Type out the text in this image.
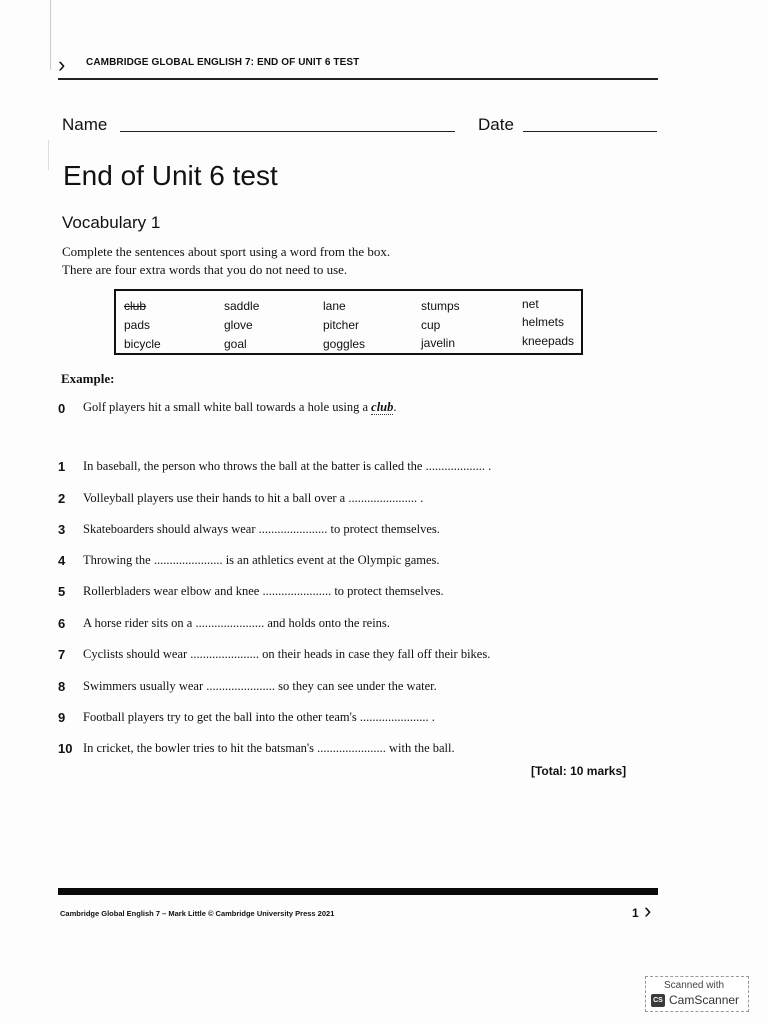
› CAMBRIDGE GLOBAL ENGLISH 7: END OF UNIT 6 TEST
Name	Date
End of Unit 6 test
Vocabulary 1
Complete the sentences about sport using a word from the box.
There are four extra words that you do not need to use.
club	saddle	lane	stumps	net
pads	glove	pitcher	cup	helmets
bicycle	goal	goggles	javelin	kneepads
Example:
0 Golf players hit a small white ball towards a hole using a club.
1 In baseball, the person who throws the ball at the batter is called the ................... .
2 Volleyball players use their hands to hit a ball over a ...................... .
3 Skateboarders should always wear ...................... to protect themselves.
4 Throwing the ...................... is an athletics event at the Olympic games.
5 Rollerbladers wear elbow and knee ...................... to protect themselves.
6 A horse rider sits on a ...................... and holds onto the reins.
7 Cyclists should wear ...................... on their heads in case they fall off their bikes.
8 Swimmers usually wear ...................... so they can see under the water.
9 Football players try to get the ball into the other team's ...................... .
10 In cricket, the bowler tries to hit the batsman's ...................... with the ball.
[Total: 10 marks]
Cambridge Global English 7 – Mark Little © Cambridge University Press 2021	1 ›
Scanned with
CS CamScanner
